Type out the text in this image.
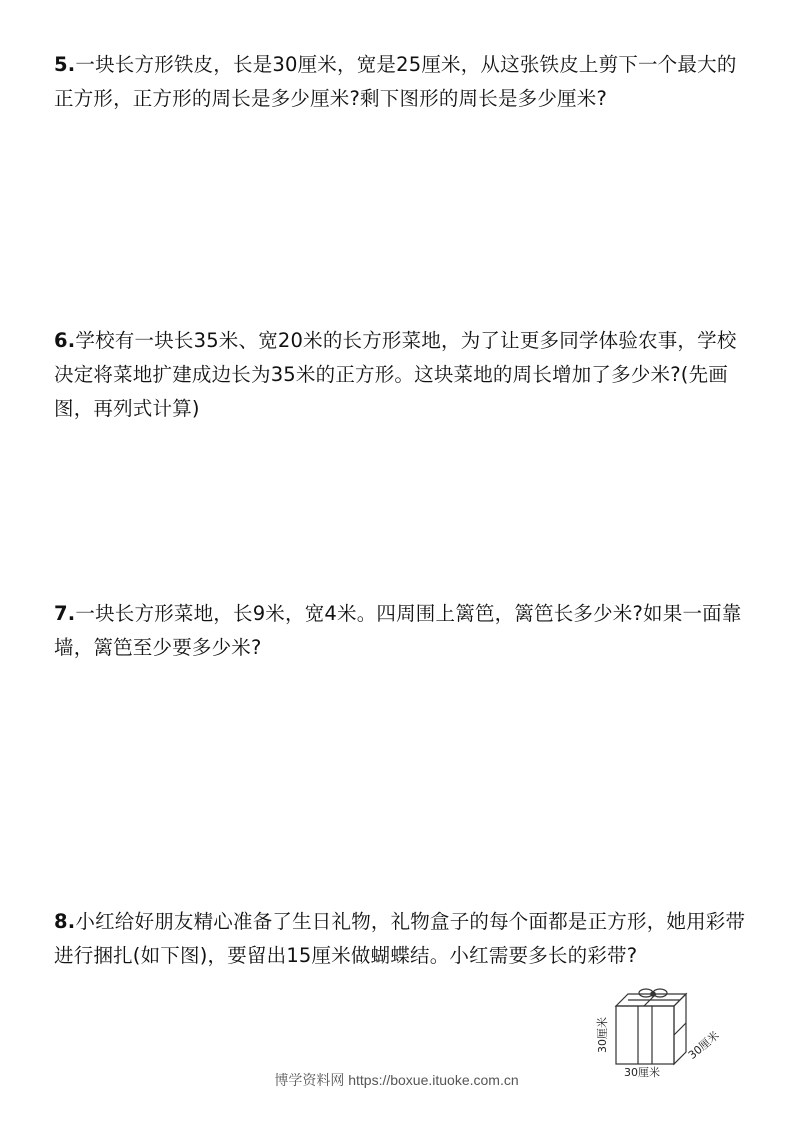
5.一块长方形铁皮，长是30厘米，宽是25厘米，从这张铁皮上剪下一个最大的正方形，正方形的周长是多少厘米?剩下图形的周长是多少厘米?
6.学校有一块长35米、宽20米的长方形菜地，为了让更多同学体验农事，学校决定将菜地扩建成边长为35米的正方形。这块菜地的周长增加了多少米?(先画图，再列式计算)
7.一块长方形菜地，长9米，宽4米。四周围上篱笆，篱笆长多少米?如果一面靠墙，篱笆至少要多少米?
8.小红给好朋友精心准备了生日礼物，礼物盒子的每个面都是正方形，她用彩带进行捆扎(如下图)，要留出15厘米做蝴蝶结。小红需要多长的彩带?
30厘米
30厘米
30厘米
博学资料网 https://boxue.ituoke.com.cn
